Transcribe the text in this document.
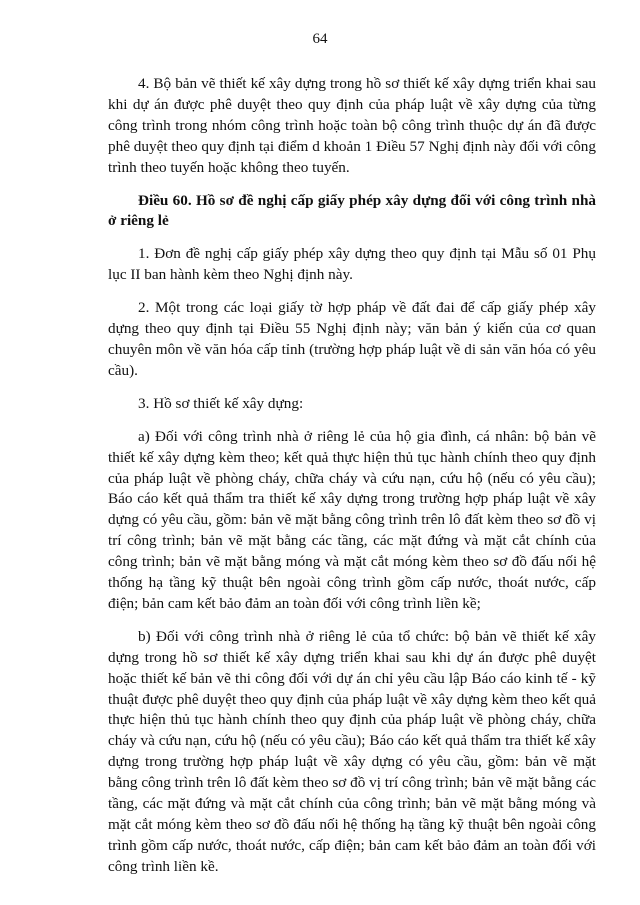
64

4. Bộ bản vẽ thiết kế xây dựng trong hồ sơ thiết kế xây dựng triển khai sau khi dự án được phê duyệt theo quy định của pháp luật về xây dựng của từng công trình trong nhóm công trình hoặc toàn bộ công trình thuộc dự án đã được phê duyệt theo quy định tại điểm d khoản 1 Điều 57 Nghị định này đối với công trình theo tuyến hoặc không theo tuyến.

Điều 60. Hồ sơ đề nghị cấp giấy phép xây dựng đối với công trình nhà ở riêng lẻ

1. Đơn đề nghị cấp giấy phép xây dựng theo quy định tại Mẫu số 01 Phụ lục II ban hành kèm theo Nghị định này.

2. Một trong các loại giấy tờ hợp pháp về đất đai để cấp giấy phép xây dựng theo quy định tại Điều 55 Nghị định này; văn bản ý kiến của cơ quan chuyên môn về văn hóa cấp tỉnh (trường hợp pháp luật về di sản văn hóa có yêu cầu).

3. Hồ sơ thiết kế xây dựng:

a) Đối với công trình nhà ở riêng lẻ của hộ gia đình, cá nhân: bộ bản vẽ thiết kế xây dựng kèm theo; kết quả thực hiện thủ tục hành chính theo quy định của pháp luật về phòng cháy, chữa cháy và cứu nạn, cứu hộ (nếu có yêu cầu); Báo cáo kết quả thẩm tra thiết kế xây dựng trong trường hợp pháp luật về xây dựng có yêu cầu, gồm: bản vẽ mặt bằng công trình trên lô đất kèm theo sơ đồ vị trí công trình; bản vẽ mặt bằng các tầng, các mặt đứng và mặt cắt chính của công trình; bản vẽ mặt bằng móng và mặt cắt móng kèm theo sơ đồ đấu nối hệ thống hạ tầng kỹ thuật bên ngoài công trình gồm cấp nước, thoát nước, cấp điện; bản cam kết bảo đảm an toàn đối với công trình liền kề;

b) Đối với công trình nhà ở riêng lẻ của tổ chức: bộ bản vẽ thiết kế xây dựng trong hồ sơ thiết kế xây dựng triển khai sau khi dự án được phê duyệt hoặc thiết kế bản vẽ thi công đối với dự án chỉ yêu cầu lập Báo cáo kinh tế - kỹ thuật được phê duyệt theo quy định của pháp luật về xây dựng kèm theo kết quả thực hiện thủ tục hành chính theo quy định của pháp luật về phòng cháy, chữa cháy và cứu nạn, cứu hộ (nếu có yêu cầu); Báo cáo kết quả thẩm tra thiết kế xây dựng trong trường hợp pháp luật về xây dựng có yêu cầu, gồm: bản vẽ mặt bằng công trình trên lô đất kèm theo sơ đồ vị trí công trình; bản vẽ mặt bằng các tầng, các mặt đứng và mặt cắt chính của công trình; bản vẽ mặt bằng móng và mặt cắt móng kèm theo sơ đồ đấu nối hệ thống hạ tầng kỹ thuật bên ngoài công trình gồm cấp nước, thoát nước, cấp điện; bản cam kết bảo đảm an toàn đối với công trình liền kề.
